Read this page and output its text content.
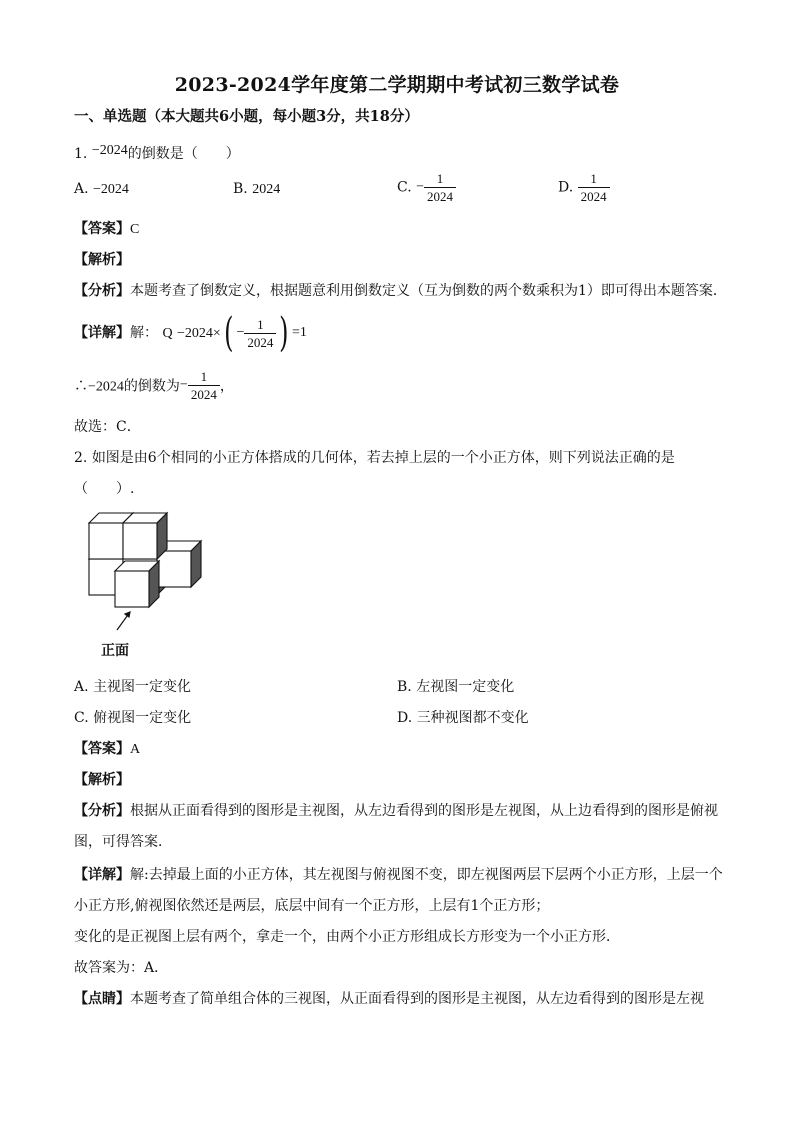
2023-2024学年度第二学期期中考试初三数学试卷
一、单选题（本大题共6小题，每小题3分，共18分）
1. −2024的倒数是（　　）
A. −2024	B. 2024	C. − $\frac{1}{2024}$	D. $\frac{1}{2024}$
【答案】C
【解析】
【分析】本题考查了倒数定义，根据题意利用倒数定义（互为倒数的两个数乘积为1）即可得出本题答案．
【详解】解： $Q -2024\times( - \frac{1}{2024}$ ) =1
∴−2024的倒数为− $\frac{1}{2024}$ ，
故选：C．
2. 如图是由6个相同的小正方体搭成的几何体，若去掉上层的一个小正方体，则下列说法正确的是
（　　）.
正面
A. 主视图一定变化	B. 左视图一定变化
C. 俯视图一定变化	D. 三种视图都不变化
【答案】A
【解析】
【分析】根据从正面看得到的图形是主视图，从左边看得到的图形是左视图，从上边看得到的图形是俯视
图，可得答案．
【详解】解:去掉最上面的小正方体，其左视图与俯视图不变，即左视图两层下层两个小正方形，上层一个
小正方形,俯视图依然还是两层，底层中间有一个正方形，上层有1个正方形；
变化的是正视图上层有两个，拿走一个，由两个小正方形组成长方形变为一个小正方形．
故答案为：A．
【点睛】本题考查了简单组合体的三视图，从正面看得到的图形是主视图，从左边看得到的图形是左视
